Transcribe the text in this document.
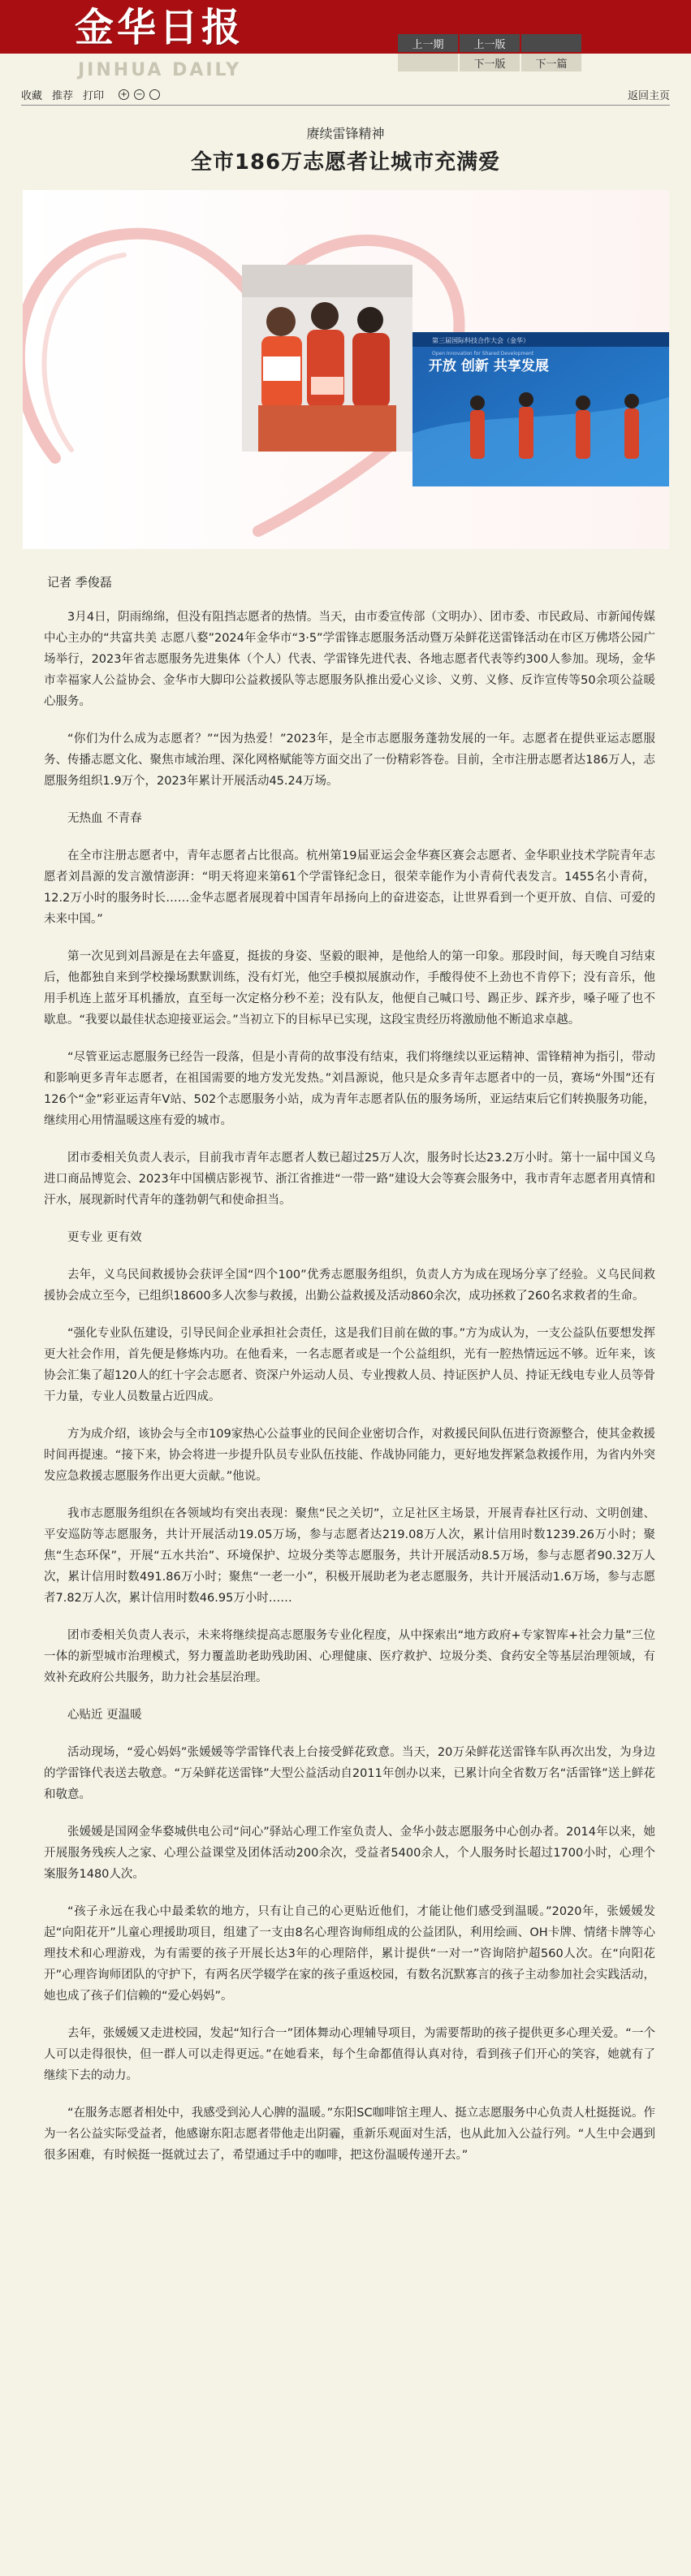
金华日报
JINHUA DAILY
上一期	上一版
下一版	下一篇
收藏 推荐 打印 + −	返回主页
赓续雷锋精神
全市186万志愿者让城市充满爱
第三届国际科技合作大会（金华）
Open Innovation for Shared Development
开放 创新 共享发展
记者 季俊磊

3月4日，阴雨绵绵，但没有阻挡志愿者的热情。当天，由市委宣传部（文明办）、团市委、市民政局、市新闻传媒中心主办的“共富共美 志愿八婺”2024年金华市“3·5”学雷锋志愿服务活动暨万朵鲜花送雷锋活动在市区万佛塔公园广场举行，2023年省志愿服务先进集体（个人）代表、学雷锋先进代表、各地志愿者代表等约300人参加。现场，金华市幸福家人公益协会、金华市大脚印公益救援队等志愿服务队推出爱心义诊、义剪、义修、反诈宣传等50余项公益暖心服务。

“你们为什么成为志愿者？”“因为热爱！”2023年，是全市志愿服务蓬勃发展的一年。志愿者在提供亚运志愿服务、传播志愿文化、聚焦市域治理、深化网格赋能等方面交出了一份精彩答卷。目前，全市注册志愿者达186万人，志愿服务组织1.9万个，2023年累计开展活动45.24万场。

无热血 不青春

在全市注册志愿者中，青年志愿者占比很高。杭州第19届亚运会金华赛区赛会志愿者、金华职业技术学院青年志愿者刘昌源的发言激情澎湃：“明天将迎来第61个学雷锋纪念日，很荣幸能作为小青荷代表发言。1455名小青荷，12.2万小时的服务时长……金华志愿者展现着中国青年昂扬向上的奋进姿态，让世界看到一个更开放、自信、可爱的未来中国。”

第一次见到刘昌源是在去年盛夏，挺拔的身姿、坚毅的眼神，是他给人的第一印象。那段时间，每天晚自习结束后，他都独自来到学校操场默默训练，没有灯光，他空手模拟展旗动作，手酸得使不上劲也不肯停下；没有音乐，他用手机连上蓝牙耳机播放，直至每一次定格分秒不差；没有队友，他便自己喊口号、踢正步、踩齐步，嗓子哑了也不歇息。“我要以最佳状态迎接亚运会。”当初立下的目标早已实现，这段宝贵经历将激励他不断追求卓越。

“尽管亚运志愿服务已经告一段落，但是小青荷的故事没有结束，我们将继续以亚运精神、雷锋精神为指引，带动和影响更多青年志愿者，在祖国需要的地方发光发热。”刘昌源说，他只是众多青年志愿者中的一员，赛场“外围”还有126个“金”彩亚运青年V站、502个志愿服务小站，成为青年志愿者队伍的服务场所，亚运结束后它们转换服务功能，继续用心用情温暖这座有爱的城市。

团市委相关负责人表示，目前我市青年志愿者人数已超过25万人次，服务时长达23.2万小时。第十一届中国义乌进口商品博览会、2023年中国横店影视节、浙江省推进“一带一路”建设大会等赛会服务中，我市青年志愿者用真情和汗水，展现新时代青年的蓬勃朝气和使命担当。

更专业 更有效

去年，义乌民间救援协会获评全国“四个100”优秀志愿服务组织，负责人方为成在现场分享了经验。义乌民间救援协会成立至今，已组织18600多人次参与救援，出勤公益救援及活动860余次，成功拯救了260名求救者的生命。

“强化专业队伍建设，引导民间企业承担社会责任，这是我们目前在做的事。”方为成认为，一支公益队伍要想发挥更大社会作用，首先便是修炼内功。在他看来，一名志愿者或是一个公益组织，光有一腔热情远远不够。近年来，该协会汇集了超120人的红十字会志愿者、资深户外运动人员、专业搜救人员、持证医护人员、持证无线电专业人员等骨干力量，专业人员数量占近四成。

方为成介绍，该协会与全市109家热心公益事业的民间企业密切合作，对救援民间队伍进行资源整合，使其金救援时间再提速。“接下来，协会将进一步提升队员专业队伍技能、作战协同能力，更好地发挥紧急救援作用，为省内外突发应急救援志愿服务作出更大贡献。”他说。

我市志愿服务组织在各领域均有突出表现：聚焦“民之关切”，立足社区主场景，开展青春社区行动、文明创建、平安巡防等志愿服务，共计开展活动19.05万场，参与志愿者达219.08万人次，累计信用时数1239.26万小时；聚焦“生态环保”，开展“五水共治”、环境保护、垃圾分类等志愿服务，共计开展活动8.5万场，参与志愿者90.32万人次，累计信用时数491.86万小时；聚焦“一老一小”，积极开展助老为老志愿服务，共计开展活动1.6万场，参与志愿者7.82万人次，累计信用时数46.95万小时……

团市委相关负责人表示，未来将继续提高志愿服务专业化程度，从中探索出“地方政府+专家智库+社会力量”三位一体的新型城市治理模式，努力覆盖助老助残助困、心理健康、医疗救护、垃圾分类、食药安全等基层治理领域，有效补充政府公共服务，助力社会基层治理。

心贴近 更温暖

活动现场，“爱心妈妈”张媛媛等学雷锋代表上台接受鲜花致意。当天，20万朵鲜花送雷锋车队再次出发，为身边的学雷锋代表送去敬意。“万朵鲜花送雷锋”大型公益活动自2011年创办以来，已累计向全省数万名“活雷锋”送上鲜花和敬意。

张媛媛是国网金华婺城供电公司“问心”驿站心理工作室负责人、金华小鼓志愿服务中心创办者。2014年以来，她开展服务残疾人之家、心理公益课堂及团体活动200余次，受益者5400余人，个人服务时长超过1700小时，心理个案服务1480人次。

“孩子永远在我心中最柔软的地方，只有让自己的心更贴近他们，才能让他们感受到温暖。”2020年，张媛媛发起“向阳花开”儿童心理援助项目，组建了一支由8名心理咨询师组成的公益团队，利用绘画、OH卡牌、情绪卡牌等心理技术和心理游戏，为有需要的孩子开展长达3年的心理陪伴，累计提供“一对一”咨询陪护超560人次。在“向阳花开”心理咨询师团队的守护下，有两名厌学辍学在家的孩子重返校园，有数名沉默寡言的孩子主动参加社会实践活动，她也成了孩子们信赖的“爱心妈妈”。

去年，张媛媛又走进校园，发起“知行合一”团体舞动心理辅导项目，为需要帮助的孩子提供更多心理关爱。“一个人可以走得很快，但一群人可以走得更远。”在她看来，每个生命都值得认真对待，看到孩子们开心的笑容，她就有了继续下去的动力。

“在服务志愿者相处中，我感受到沁人心脾的温暖。”东阳SC咖啡馆主理人、挺立志愿服务中心负责人杜挺挺说。作为一名公益实际受益者，他感谢东阳志愿者带他走出阴霾，重新乐观面对生活，也从此加入公益行列。“人生中会遇到很多困难，有时候挺一挺就过去了，希望通过手中的咖啡，把这份温暖传递开去。”
